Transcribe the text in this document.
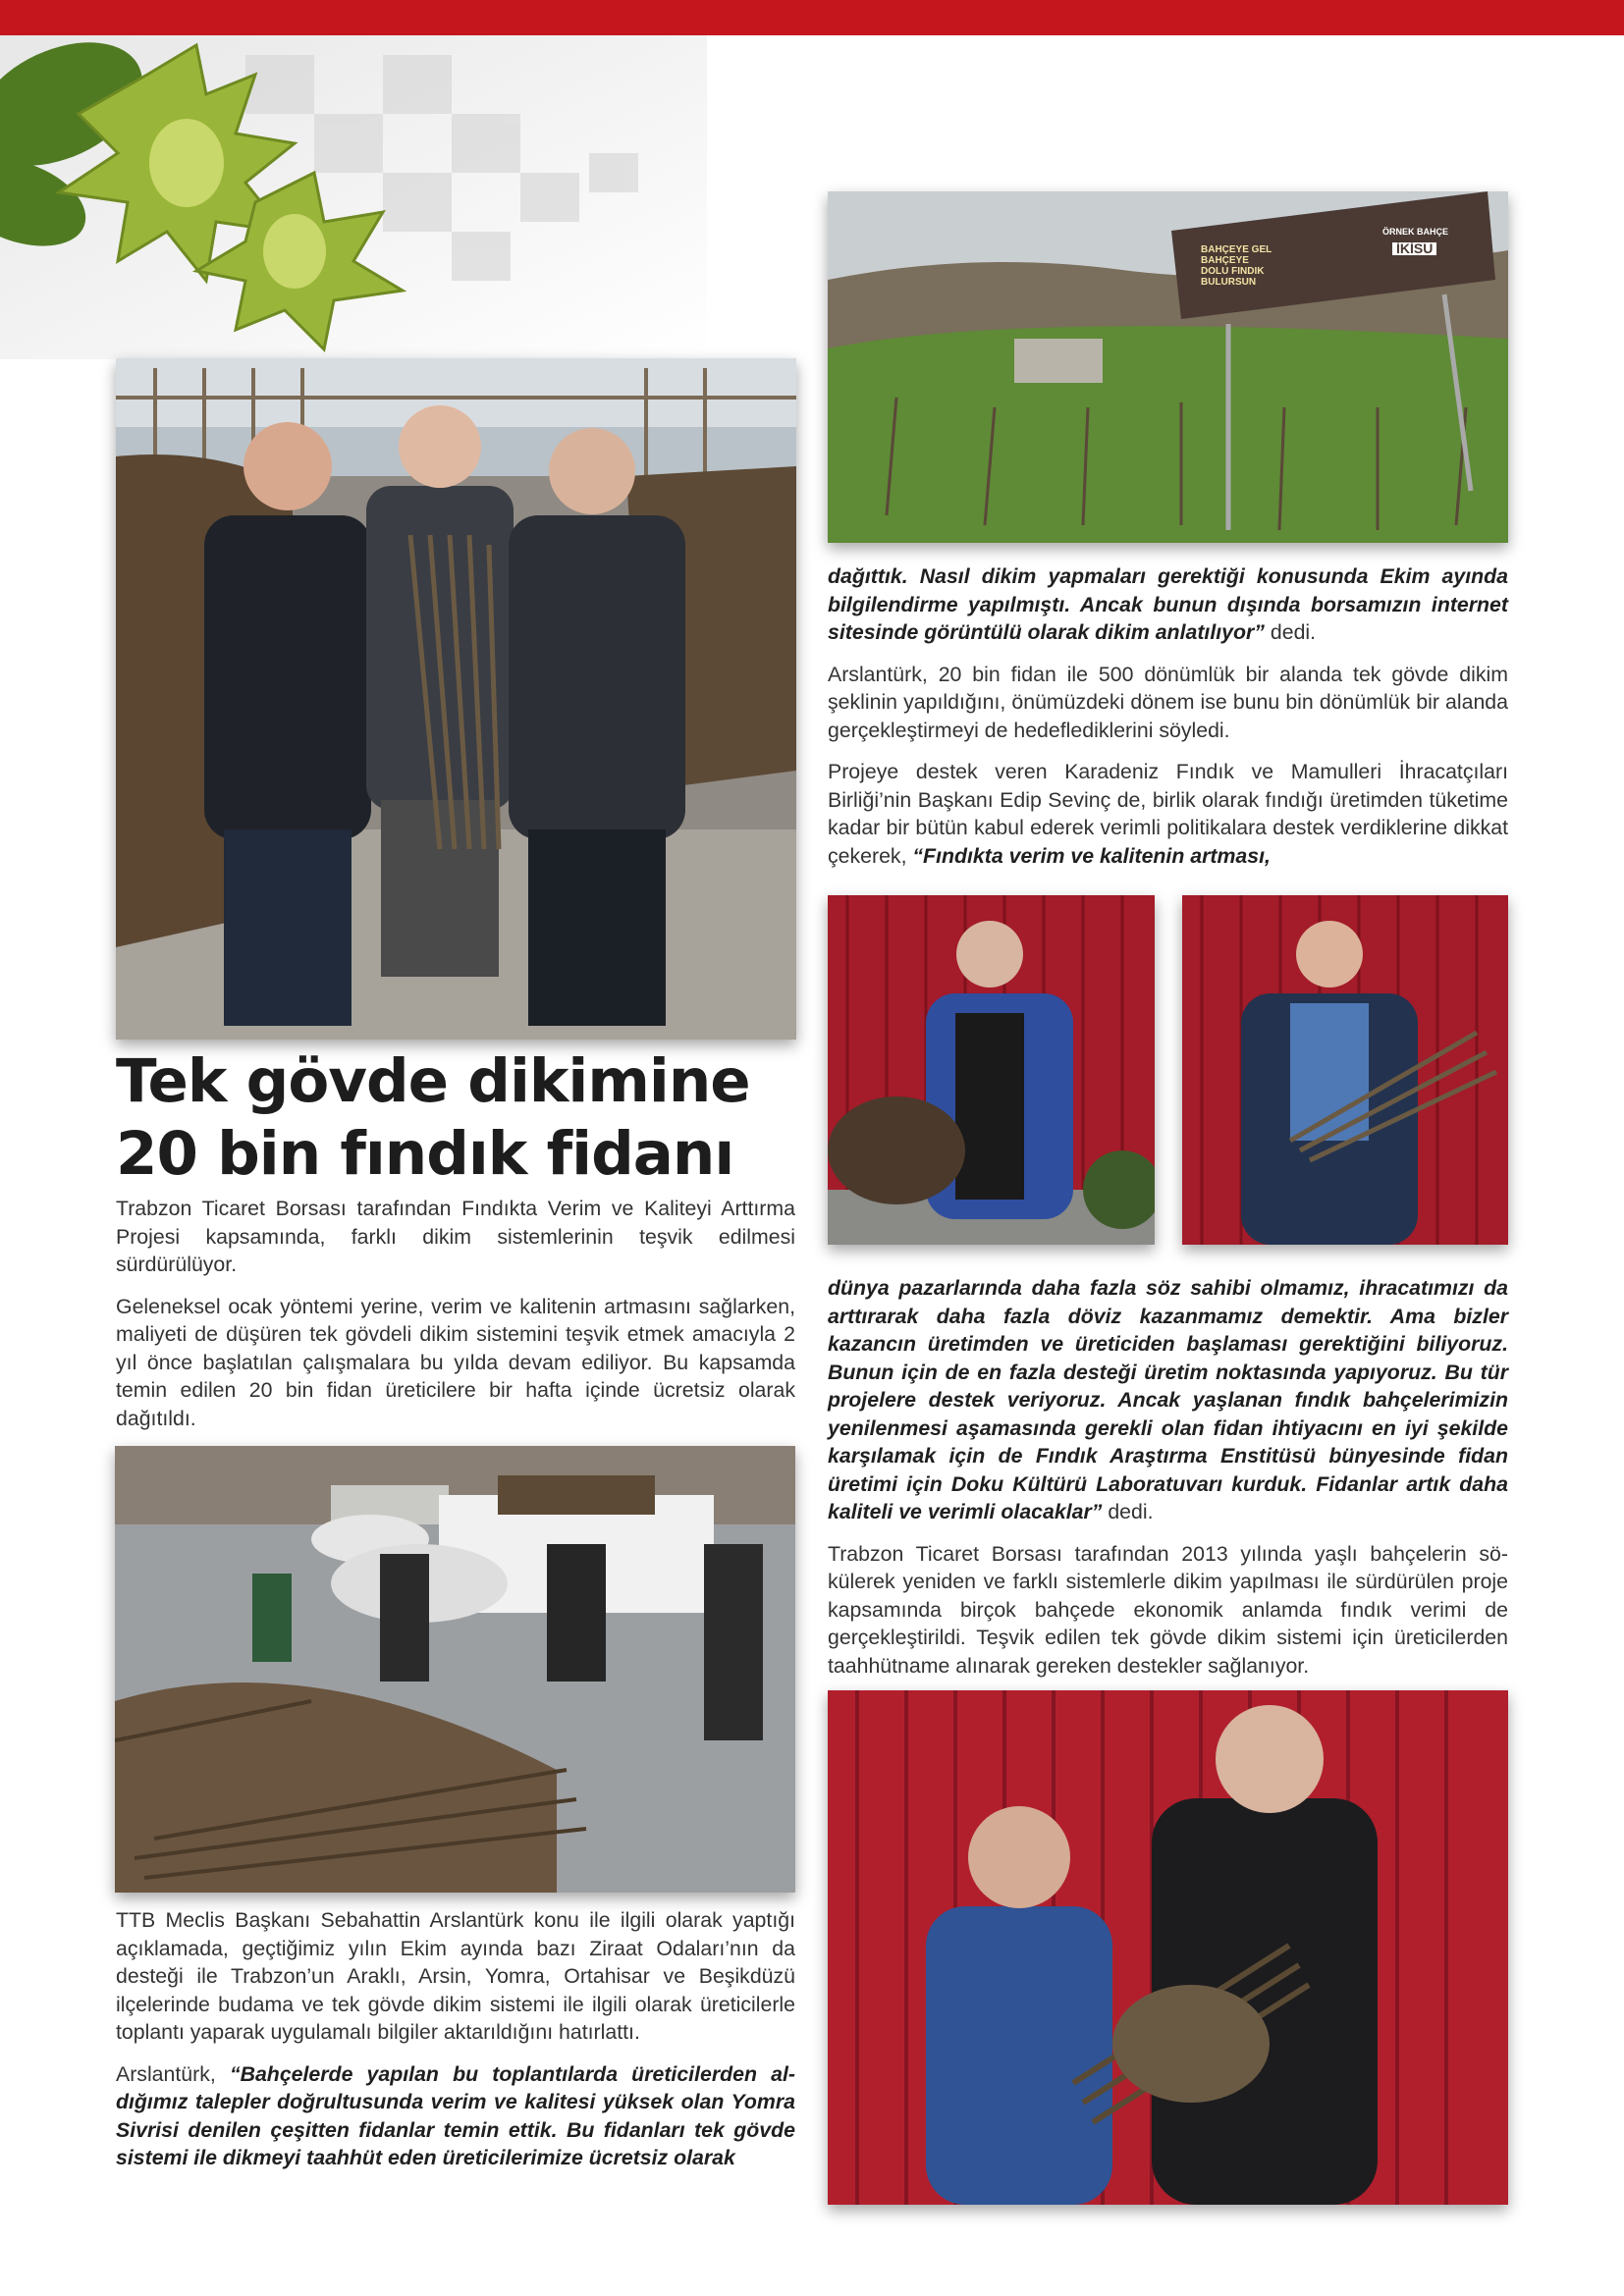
BAHÇEYE GEL
BAHÇEYE
DOLU FINDIK
BULURSUN
ÖRNEK BAHÇE
İKİSU
Tek gövde dikimine
20 bin fındık fidanı

Trabzon Ticaret Borsası tarafından Fındıkta Verim ve Kaliteyi Arttırma Projesi kapsamında, farklı dikim sistemlerinin teşvik edilmesi sürdürülüyor.

Geleneksel ocak yöntemi yerine, verim ve kalitenin artmasını sağlarken, maliyeti de düşüren tek gövdeli dikim sistemini teşvik etmek amacıyla 2 yıl önce başlatılan çalışmalara bu yılda devam ediliyor. Bu kapsamda temin edilen 20 bin fidan üreticilere bir hafta içinde ücretsiz olarak dağıtıldı.

TTB Meclis Başkanı Sebahattin Arslantürk konu ile ilgili olarak yaptığı açıklamada, geçtiğimiz yılın Ekim ayında bazı Ziraat Odaları’nın da desteği ile Trabzon’un Araklı, Arsin, Yomra, Ortahisar ve Beşikdüzü ilçelerinde budama ve tek gövde dikim sistemi ile ilgili olarak üreticilerle toplantı yaparak uygulamalı bilgiler aktarıldığını hatırlattı.

Arslantürk, “Bahçelerde yapılan bu toplantılarda üreticilerden aldığımız talepler doğrultusunda verim ve kalitesi yüksek olan Yomra Sivrisi denilen çeşitten fidanlar temin ettik. Bu fidanları tek gövde sistemi ile dikmeyi taahhüt eden üreticilerimize ücretsiz olarak

dağıttık. Nasıl dikim yapmaları gerektiği konusunda Ekim ayında bilgilendirme yapılmıştı. Ancak bunun dışında borsamızın internet sitesinde görüntülü olarak dikim anlatılıyor” dedi.

Arslantürk, 20 bin fidan ile 500 dönümlük bir alanda tek gövde dikim şeklinin yapıldığını, önümüzdeki dönem ise bunu bin dönümlük bir alanda gerçekleştirmeyi de hedeflediklerini söyledi.

Projeye destek veren Karadeniz Fındık ve Mamulleri İhracatçıları Birliği’nin Başkanı Edip Sevinç de, birlik olarak fındığı üretimden tüketime kadar bir bütün kabul ederek verimli politikalara destek verdiklerine dikkat çekerek, “Fındıkta verim ve kalitenin artması,

dünya pazarlarında daha fazla söz sahibi olmamız, ihracatımızı da arttırarak daha fazla döviz kazanmamız demektir. Ama bizler kazancın üretimden ve üreticiden başlaması gerektiğini biliyoruz. Bunun için de en fazla desteği üretim noktasında yapıyoruz. Bu tür projelere destek veriyoruz. Ancak yaşlanan fındık bahçelerimizin yenilenmesi aşamasında gerekli olan fidan ihtiyacını en iyi şekilde karşılamak için de Fındık Araştırma Enstitüsü bünyesinde fidan üretimi için Doku Kültürü Laboratuvarı kurduk. Fidanlar artık daha kaliteli ve verimli olacaklar” dedi.

Trabzon Ticaret Borsası tarafından 2013 yılında yaşlı bahçelerin sökülerek yeniden ve farklı sistemlerle dikim yapılması ile sürdürülen proje kapsamında birçok bahçede ekonomik anlamda fındık verimi de gerçekleştirildi. Teşvik edilen tek gövde dikim sistemi için üreticilerden taahhütname alınarak gereken destekler sağlanıyor.
